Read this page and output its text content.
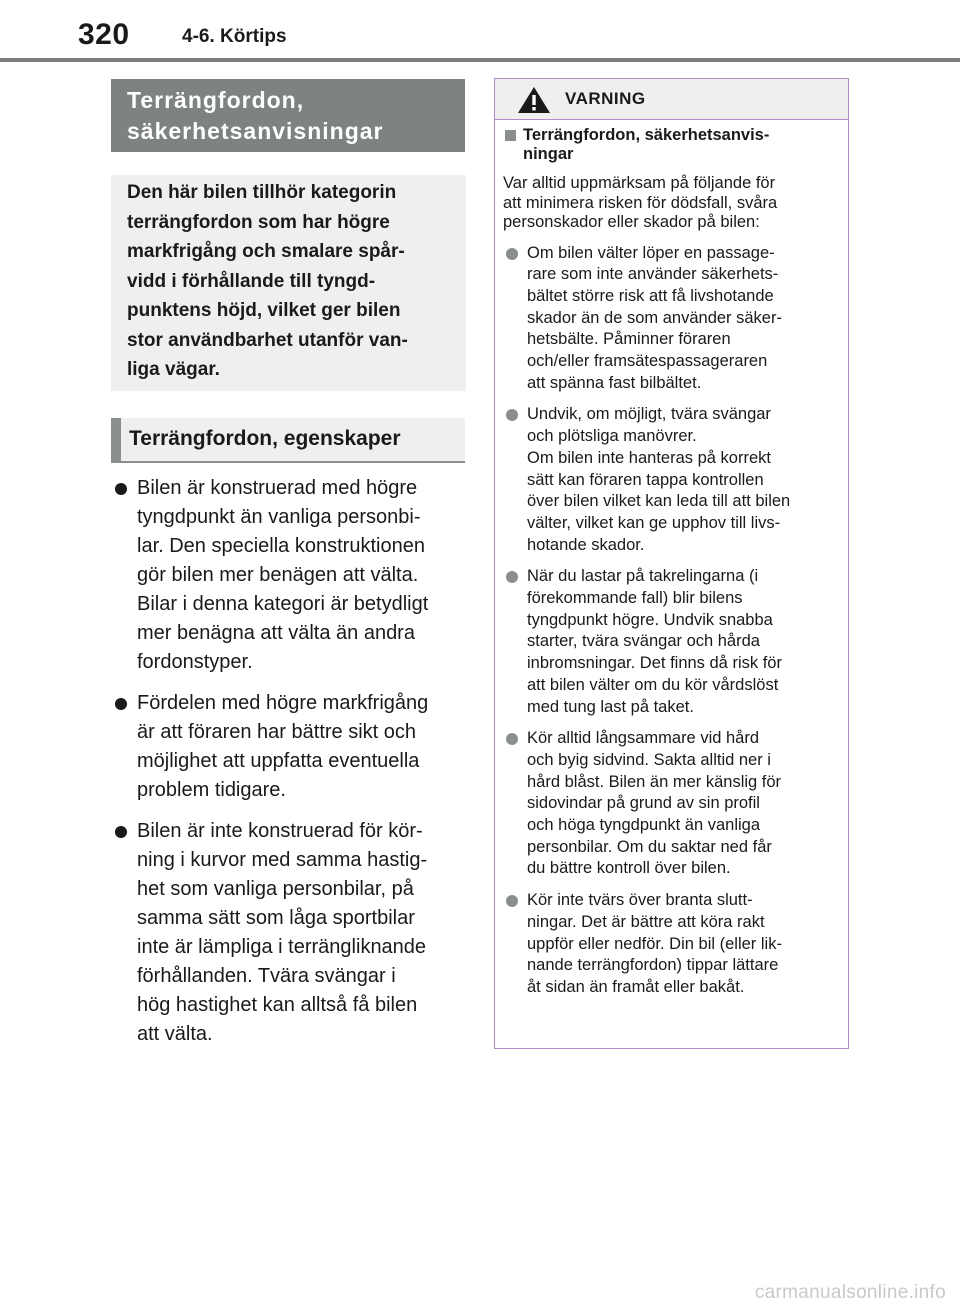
320	4-6. Körtips
Terrängfordon,
säkerhetsanvisningar
Den här bilen tillhör kategorin
terrängfordon som har högre
markfrigång och smalare spår-
vidd i förhållande till tyngd-
punktens höjd, vilket ger bilen
stor användbarhet utanför van-
liga vägar.
Terrängfordon, egenskaper
Bilen är konstruerad med högre
tyngdpunkt än vanliga personbi-
lar. Den speciella konstruktionen
gör bilen mer benägen att välta.
Bilar i denna kategori är betydligt
mer benägna att välta än andra
fordonstyper.
Fördelen med högre markfrigång
är att föraren har bättre sikt och
möjlighet att uppfatta eventuella
problem tidigare.
Bilen är inte konstruerad för kör-
ning i kurvor med samma hastig-
het som vanliga personbilar, på
samma sätt som låga sportbilar
inte är lämpliga i terrängliknande
förhållanden. Tvära svängar i
hög hastighet kan alltså få bilen
att välta.
VARNING
Terrängfordon, säkerhetsanvis-
ningar
Var alltid uppmärksam på följande för
att minimera risken för dödsfall, svåra
personskador eller skador på bilen:
Om bilen välter löper en passage-
rare som inte använder säkerhets-
bältet större risk att få livshotande
skador än de som använder säker-
hetsbälte. Påminner föraren
och/eller framsätespassageraren
att spänna fast bilbältet.
Undvik, om möjligt, tvära svängar
och plötsliga manövrer.
Om bilen inte hanteras på korrekt
sätt kan föraren tappa kontrollen
över bilen vilket kan leda till att bilen
välter, vilket kan ge upphov till livs-
hotande skador.
När du lastar på takrelingarna (i
förekommande fall) blir bilens
tyngdpunkt högre. Undvik snabba
starter, tvära svängar och hårda
inbromsningar. Det finns då risk för
att bilen välter om du kör vårdslöst
med tung last på taket.
Kör alltid långsammare vid hård
och byig sidvind. Sakta alltid ner i
hård blåst. Bilen än mer känslig för
sidovindar på grund av sin profil
och höga tyngdpunkt än vanliga
personbilar. Om du saktar ned får
du bättre kontroll över bilen.
Kör inte tvärs över branta slutt-
ningar. Det är bättre att köra rakt
uppför eller nedför. Din bil (eller lik-
nande terrängfordon) tippar lättare
åt sidan än framåt eller bakåt.
carmanualsonline.info
